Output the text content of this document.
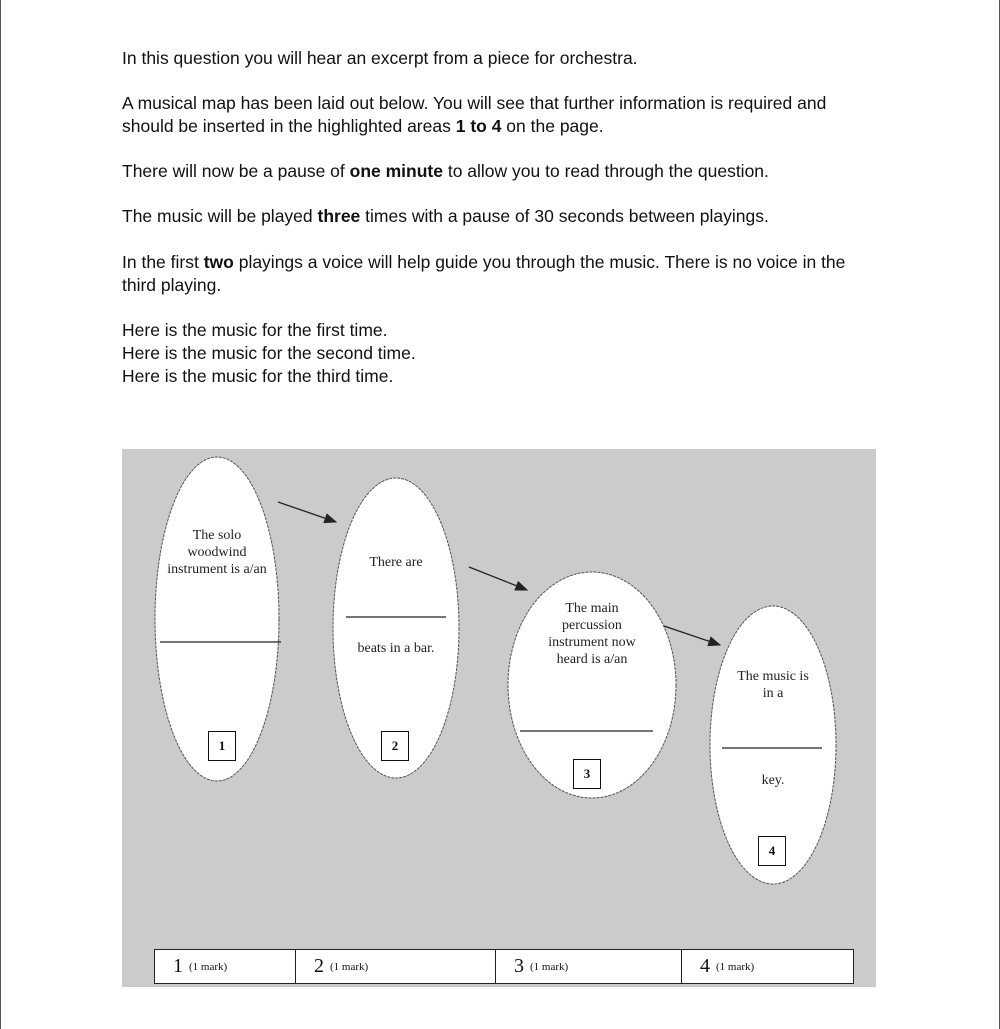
In this question you will hear an excerpt from a piece for orchestra.

A musical map has been laid out below. You will see that further information is required and should be inserted in the highlighted areas 1 to 4 on the page.

There will now be a pause of one minute to allow you to read through the question.

The music will be played three times with a pause of 30 seconds between playings.

In the first two playings a voice will help guide you through the music. There is no voice in the third playing.

Here is the music for the first time.
Here is the music for the second time.
Here is the music for the third time.

The solo woodwind instrument is a/an	There are
beats in a bar.
The main percussion instrument now heard is a/an
The music is in a
key.
1	2
3
4
1 (1 mark)	2 (1 mark)	3 (1 mark)	4 (1 mark)
